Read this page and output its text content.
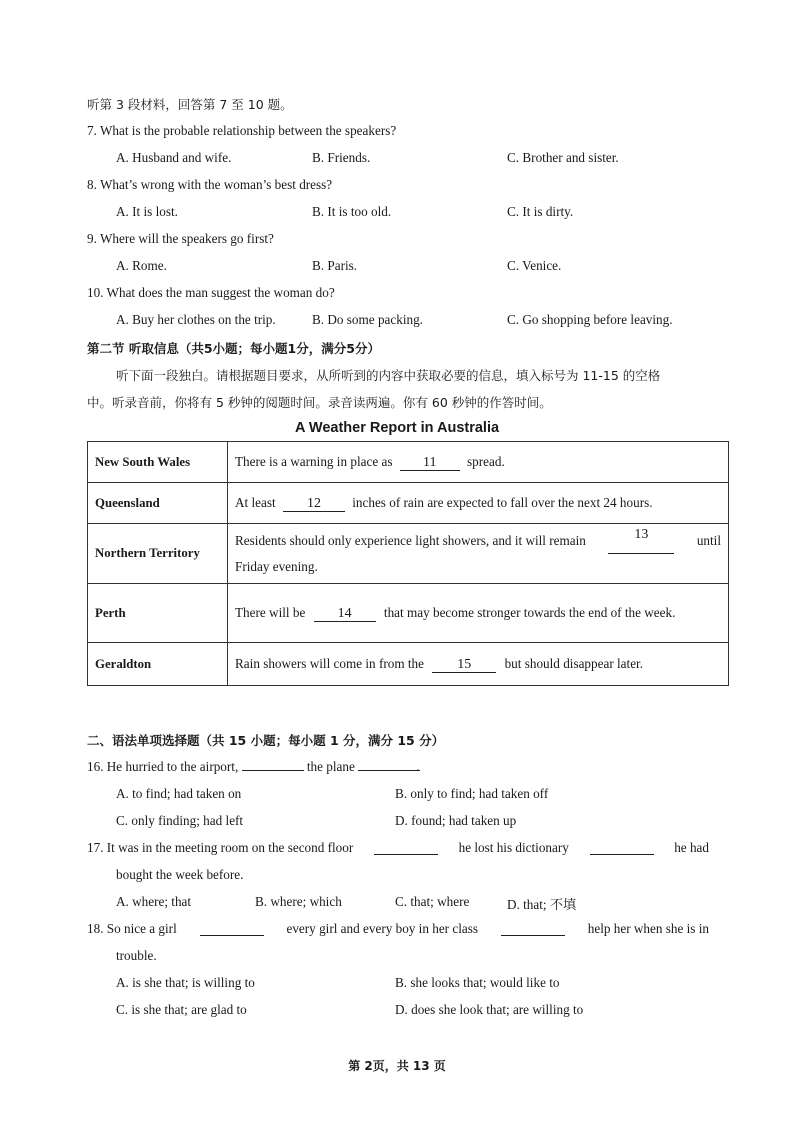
听第 3 段材料，回答第 7 至 10 题。
7. What is the probable relationship between the speakers?
A. Husband and wife.	B. Friends.	C. Brother and sister.
8. What’s wrong with the woman’s best dress?
A. It is lost.	B. It is too old.	C. It is dirty.
9. Where will the speakers go first?
A. Rome.	B. Paris.	C. Venice.
10. What does the man suggest the woman do?
A. Buy her clothes on the trip.	B. Do some packing.	C. Go shopping before leaving.
第二节 听取信息（共5小题；每小题1分，满分5分）
听下面一段独白。请根据题目要求，从所听到的内容中获取必要的信息，填入标号为 11-15 的空格
中。听录音前，你将有 5 秒钟的阅题时间。录音读两遍。你有 60 秒钟的作答时间。
A Weather Report in Australia
New South Wales	There is a warning in place as 11 spread.
Queensland	At least 12 inches of rain are expected to fall over the next 24 hours.
Northern Territory	Residents should only experience light showers, and it will remain 13 until
Friday evening.

Perth	There will be 14 that may become stronger towards the end of the week.
Geraldton	Rain showers will come in from the 15 but should disappear later.
二、语法单项选择题（共 15 小题；每小题 1 分，满分 15 分）
16. He hurried to the airport,	the plane	.
A. to find; had taken on	B. only to find; had taken off
C. only finding; had left	D. found; had taken up
17. It was in the meeting room on the second floor	he lost his dictionary	he had
bought the week before.
A. where; that	B. where; which	C. that; where	D. that; 不填
18. So nice a girl	every girl and every boy in her class	help her when she is in
trouble.
A. is she that; is willing to	B. she looks that; would like to
C. is she that; are glad to	D. does she look that; are willing to
第 2页，共 13 页
